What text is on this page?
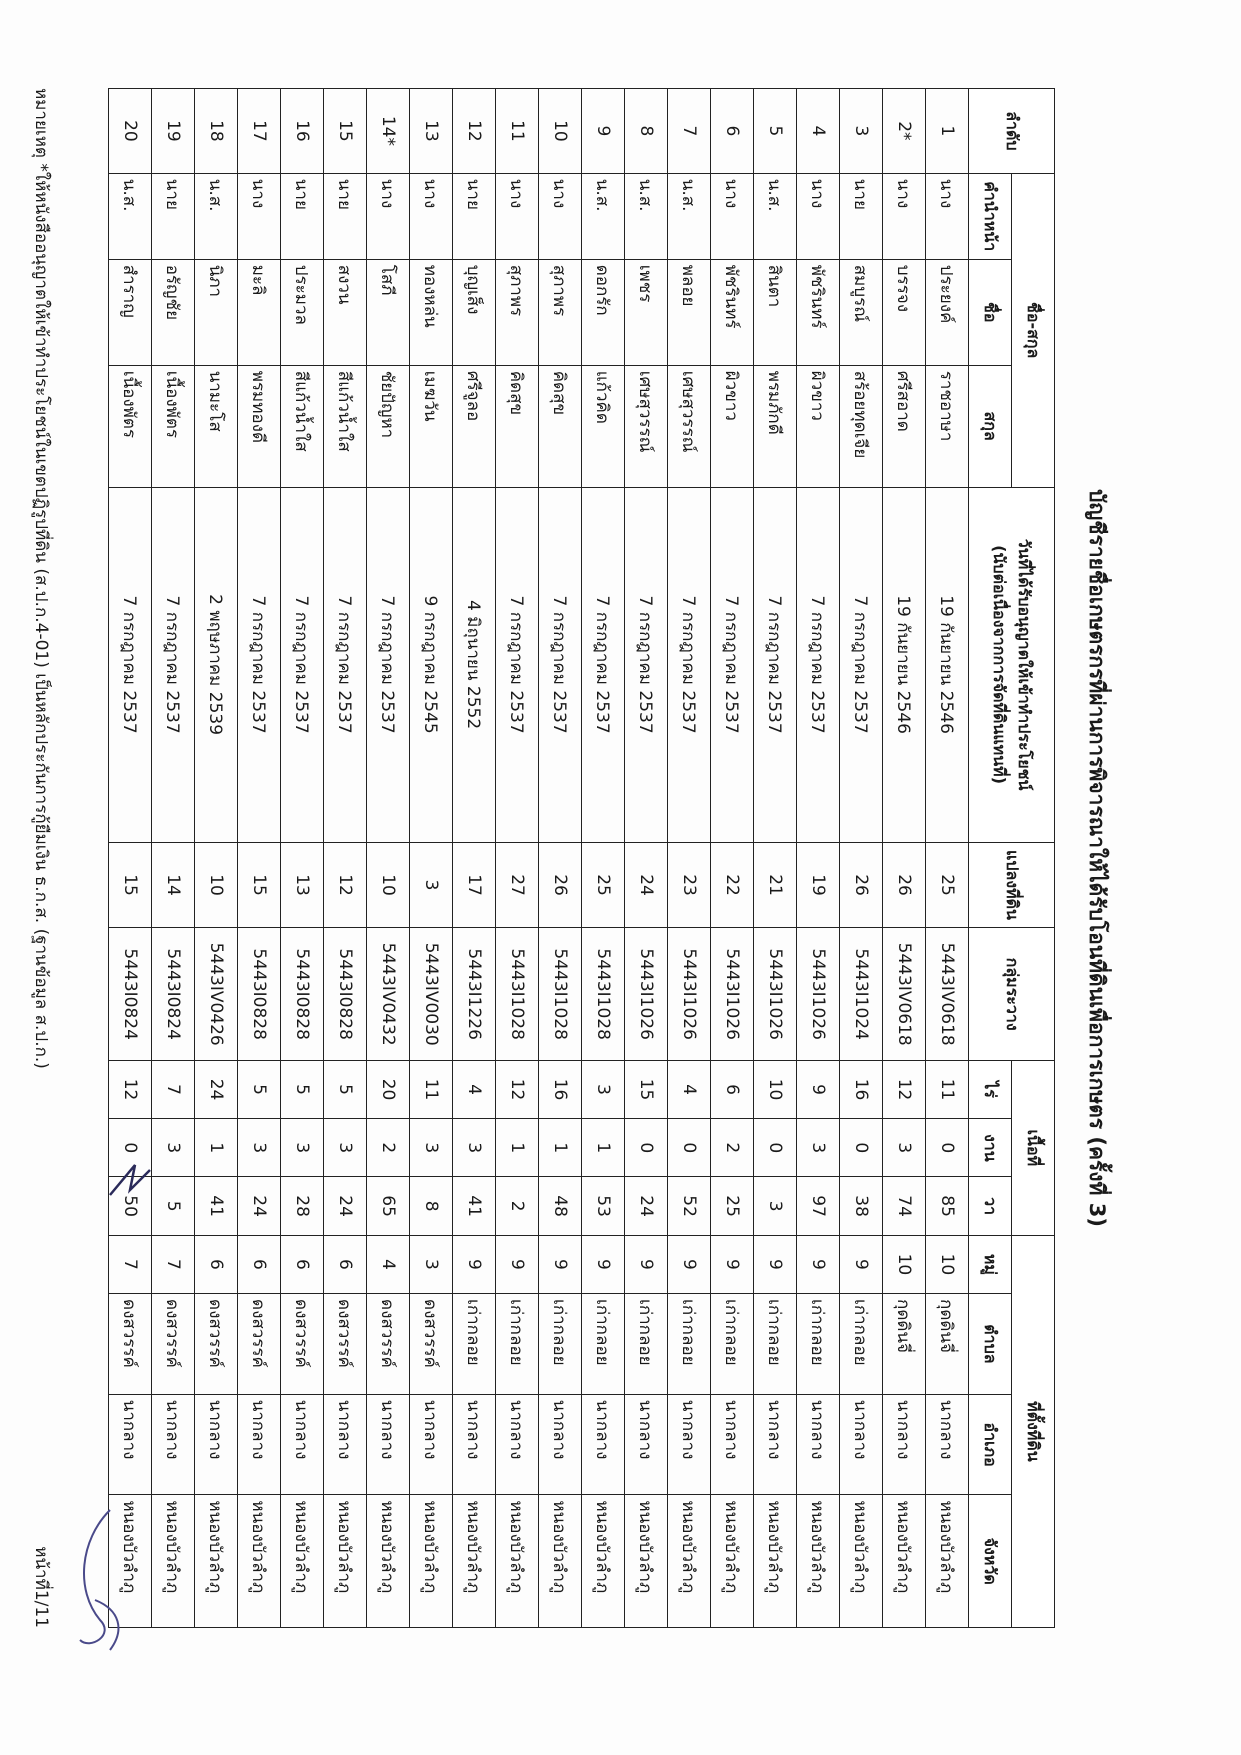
บัญชีรายชื่อเกษตรกรที่ผ่านการพิจารณาให้ได้รับโอนที่ดินเพื่อการเกษตร (ครั้งที่ 3)
ลำดับ	ชื่อ-สกุล			วันที่ได้รับอนุญาตให้เข้าทำประโยชน์
(นับต่อเนื่องจากการจัดที่ดินแทนที่)	แปลงที่ดิน	กลุ่มระวาง	เนื้อที่			ที่ตั้งที่ดิน			
	คำนำหน้า	ชื่อ	สกุล				ไร่	งาน	วา	หมู่	ตำบล	อำเภอ	จังหวัด
1	นาง	ประยงค์	ราชอาษา	19 กันยายน 2546	25	5443IV0618	11	0	85	10	กุดดินจี่	นากลาง	หนองบัวลำภู
2*	นาง	บรรจง	ศรีสอาด	19 กันยายน 2546	26	5443IV0618	12	3	74	10	กุดดินจี่	นากลาง	หนองบัวลำภู
3	นาย	สมบูรณ์	สร้อยทุดเจีย	7 กรกฎาคม 2537	26	5443I1024	16	0	38	9	เก่ากลอย	นากลาง	หนองบัวลำภู
4	นาง	พัชรินทร์	ผิวขาว	7 กรกฎาคม 2537	19	5443I1026	9	3	97	9	เก่ากลอย	นากลาง	หนองบัวลำภู
5	น.ส.	สินตา	พรมภักดี	7 กรกฎาคม 2537	21	5443I1026	10	0	3	9	เก่ากลอย	นากลาง	หนองบัวลำภู
6	นาง	พัชรินทร์	ผิวขาว	7 กรกฎาคม 2537	22	5443I1026	6	2	25	9	เก่ากลอย	นากลาง	หนองบัวลำภู
7	น.ส.	พลอย	เศษสุวรรณ์	7 กรกฎาคม 2537	23	5443I1026	4	0	52	9	เก่ากลอย	นากลาง	หนองบัวลำภู
8	น.ส.	เพชร	เศษสุวรรณ์	7 กรกฎาคม 2537	24	5443I1026	15	0	24	9	เก่ากลอย	นากลาง	หนองบัวลำภู
9	น.ส.	ดอกรัก	แก้วคิด	7 กรกฎาคม 2537	25	5443I1028	3	1	53	9	เก่ากลอย	นากลาง	หนองบัวลำภู
10	นาง	สุภาพร	คิดสุข	7 กรกฎาคม 2537	26	5443I1028	16	1	48	9	เก่ากลอย	นากลาง	หนองบัวลำภู
11	นาง	สุภาพร	คิดสุข	7 กรกฎาคม 2537	27	5443I1028	12	1	2	9	เก่ากลอย	นากลาง	หนองบัวลำภู
12	นาย	บุญเส็ง	ศรีจูลอ	4 มิถุนายน 2552	17	5443I1226	4	3	41	9	เก่ากลอย	นากลาง	หนองบัวลำภู
13	นาง	ทองหล่น	เมฆวัน	9 กรกฎาคม 2545	3	5443IV0030	11	3	8	3	ดงสวรรค์	นากลาง	หนองบัวลำภู
14*	นาง	โสภี	ชัยปัญหา	7 กรกฎาคม 2537	10	5443IV0432	20	2	65	4	ดงสวรรค์	นากลาง	หนองบัวลำภู
15	นาย	สงวน	สีแก้วน้ำใส	7 กรกฎาคม 2537	12	5443I0828	5	3	24	6	ดงสวรรค์	นากลาง	หนองบัวลำภู
16	นาย	ประมวล	สีแก้วน้ำใส	7 กรกฎาคม 2537	13	5443I0828	5	3	28	6	ดงสวรรค์	นากลาง	หนองบัวลำภู
17	นาง	มะลิ	พรมทองดี	7 กรกฎาคม 2537	15	5443I0828	5	3	24	6	ดงสวรรค์	นากลาง	หนองบัวลำภู
18	น.ส.	นิภา	นามะโส	2 พฤษภาคม 2539	10	5443IV0426	24	1	41	6	ดงสวรรค์	นากลาง	หนองบัวลำภู
19	นาย	อรัญชัย	เนื้องพัตร	7 กรกฎาคม 2537	14	5443I0824	7	3	5	7	ดงสวรรค์	นากลาง	หนองบัวลำภู
20	น.ส.	สำราญ	เนื้องพัตร	7 กรกฎาคม 2537	15	5443I0824	12	0	50	7	ดงสวรรค์	นากลาง	หนองบัวลำภู
หมายเหตุ *ให้หนังสืออนุญาตให้เข้าทำประโยชน์ในเขตปฏิรูปที่ดิน (ส.ป.ก.4-01) เป็นหลักประกันการกู้ยืมเงิน ธ.ก.ส. (ฐานข้อมูล ส.ป.ก.)
หน้าที่1/11
